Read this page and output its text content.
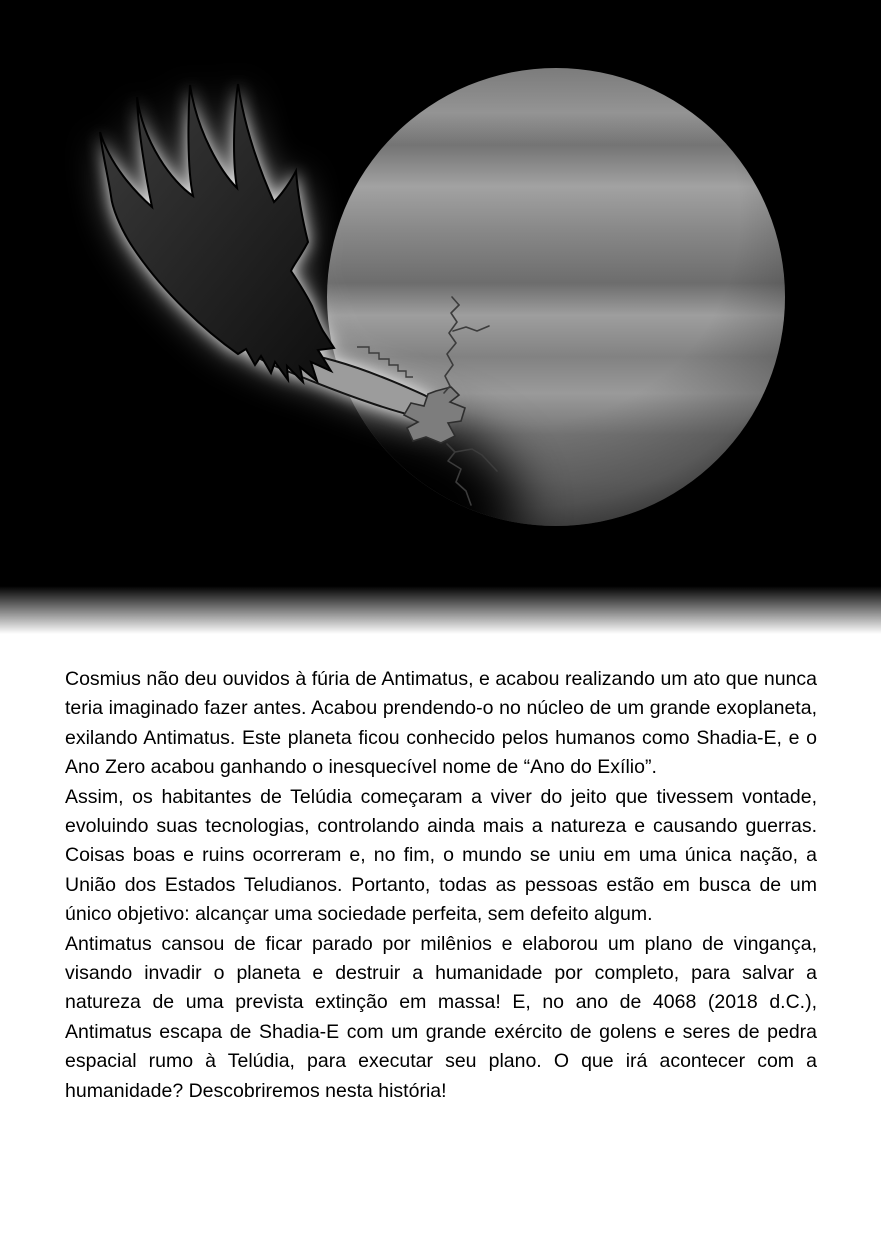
Cosmius não deu ouvidos à fúria de Antimatus, e acabou realizando um ato que nunca teria imaginado fazer antes. Acabou prendendo-o no núcleo de um grande exoplaneta, exilando Antimatus. Este planeta ficou conhecido pelos humanos como Shadia-E, e o Ano Zero acabou ganhando o inesquecível nome de “Ano do Exílio”.

Assim, os habitantes de Telúdia começaram a viver do jeito que tivessem vontade, evoluindo suas tecnologias, controlando ainda mais a natureza e causando guerras. Coisas boas e ruins ocorreram e, no fim, o mundo se uniu em uma única nação, a União dos Estados Teludianos. Portanto, todas as pessoas estão em busca de um único objetivo: alcançar uma sociedade perfeita, sem defeito algum.

Antimatus cansou de ficar parado por milênios e elaborou um plano de vingança, visando invadir o planeta e destruir a humanidade por completo, para salvar a natureza de uma prevista extinção em massa! E, no ano de 4068 (2018 d.C.), Antimatus escapa de Shadia-E com um grande exército de golens e seres de pedra espacial rumo à Telúdia, para executar seu plano. O que irá acontecer com a humanidade? Descobriremos nesta história!
